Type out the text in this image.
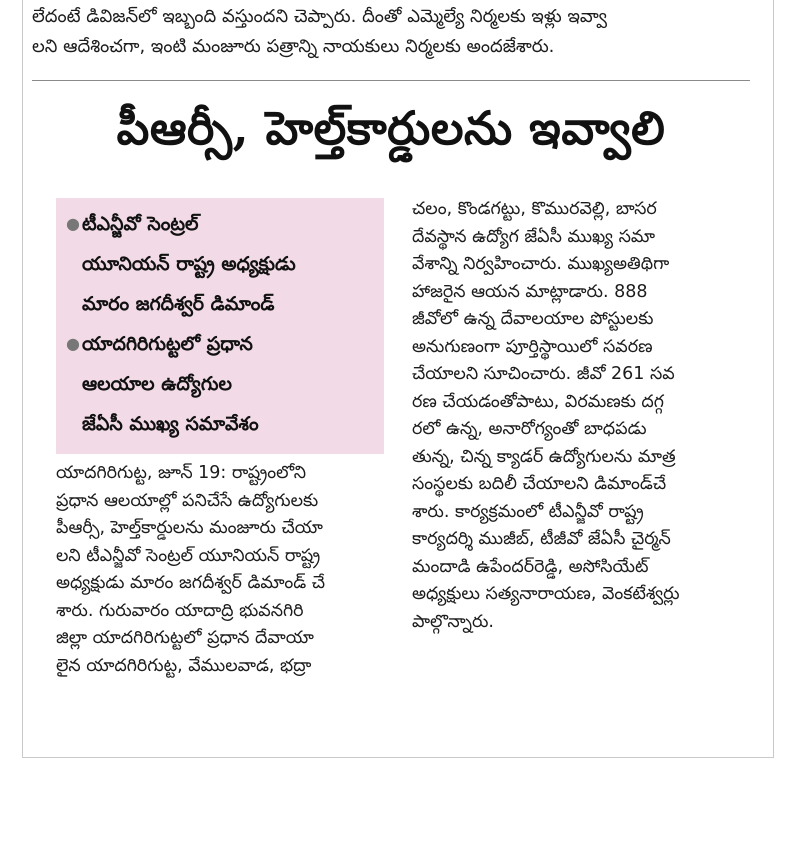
లేదంటే డివిజన్‌లో ఇబ్బంది వస్తుందని చెప్పారు. దీంతో ఎమ్మెల్యే నిర్మలకు ఇళ్లు ఇవ్వా
లని ఆదేశించగా, ఇంటి మంజూరు పత్రాన్ని నాయకులు నిర్మలకు అందజేశారు.
పీఆర్సీ, హెల్త్‌కార్డులను ఇవ్వాలి
● టీఎన్జీవో సెంట్రల్
యూనియన్ రాష్ట్ర అధ్యక్షుడు
మారం జగదీశ్వర్ డిమాండ్
● యాదగిరిగుట్టలో ప్రధాన
ఆలయాల ఉద్యోగుల
జేఏసీ ముఖ్య సమావేశం
యాదగిరిగుట్ట, జూన్ 19: రాష్ట్రంలోని
ప్రధాన ఆలయాల్లో పనిచేసే ఉద్యోగులకు
పీఆర్సీ, హెల్త్‌కార్డులను మంజూరు చేయా
లని టీఎన్జీవో సెంట్రల్ యూనియన్ రాష్ట్ర
అధ్యక్షుడు మారం జగదీశ్వర్ డిమాండ్ చే
శారు. గురువారం యాదాద్రి భువనగిరి
జిల్లా యాదగిరిగుట్టలో ప్రధాన దేవాయా
లైన యాదగిరిగుట్ట, వేములవాడ, భద్రా
చలం, కొండగట్టు, కొమురవెల్లి, బాసర
దేవస్థాన ఉద్యోగ జేఏసీ ముఖ్య సమా
వేశాన్ని నిర్వహించారు. ముఖ్యఅతిథిగా
హాజరైన ఆయన మాట్లాడారు. 888
జీవోలో ఉన్న దేవాలయాల పోస్టులకు
అనుగుణంగా పూర్తిస్థాయిలో సవరణ
చేయాలని సూచించారు. జీవో 261 సవ
రణ చేయడంతోపాటు, విరమణకు దగ్గ
రలో ఉన్న, అనారోగ్యంతో బాధపడు
తున్న, చిన్న క్యాడర్ ఉద్యోగులను మాత్ర
సంస్థలకు బదిలీ చేయాలని డిమాండ్‌చే
శారు. కార్యక్రమంలో టీఎన్జీవో రాష్ట్ర
కార్యదర్శి ముజీబ్, టీజీవో జేఏసీ చైర్మన్
మందాడి ఉపేందర్‌రెడ్డి, అసోసియేట్
అధ్యక్షులు సత్యనారాయణ, వెంకటేశ్వర్లు
పాల్గొన్నారు.
